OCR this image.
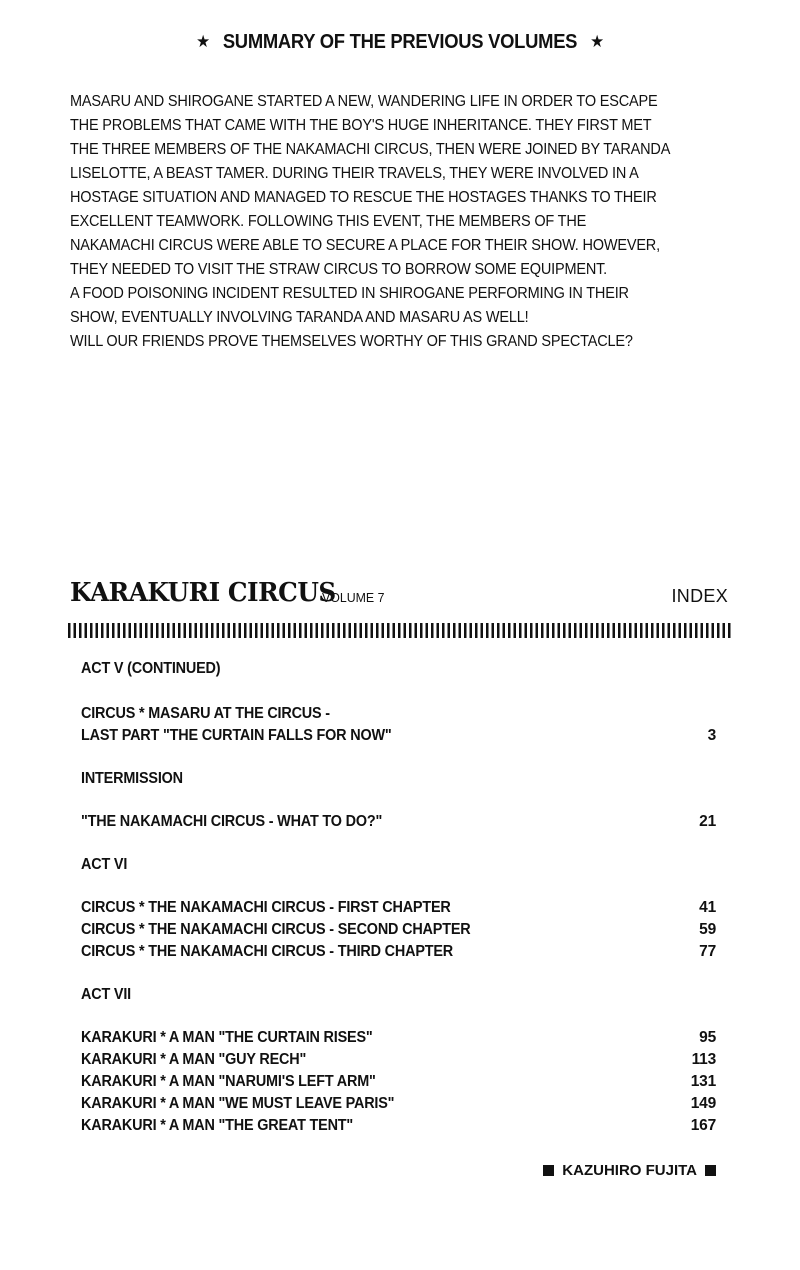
★ SUMMARY OF THE PREVIOUS VOLUMES ★
MASARU AND SHIROGANE STARTED A NEW, WANDERING LIFE IN ORDER TO ESCAPE
THE PROBLEMS THAT CAME WITH THE BOY'S HUGE INHERITANCE. THEY FIRST MET
THE THREE MEMBERS OF THE NAKAMACHI CIRCUS, THEN WERE JOINED BY TARANDA
LISELOTTE, A BEAST TAMER. DURING THEIR TRAVELS, THEY WERE INVOLVED IN A
HOSTAGE SITUATION AND MANAGED TO RESCUE THE HOSTAGES THANKS TO THEIR
EXCELLENT TEAMWORK. FOLLOWING THIS EVENT, THE MEMBERS OF THE
NAKAMACHI CIRCUS WERE ABLE TO SECURE A PLACE FOR THEIR SHOW. HOWEVER,
THEY NEEDED TO VISIT THE STRAW CIRCUS TO BORROW SOME EQUIPMENT.
A FOOD POISONING INCIDENT RESULTED IN SHIROGANE PERFORMING IN THEIR
SHOW, EVENTUALLY INVOLVING TARANDA AND MASARU AS WELL!
WILL OUR FRIENDS PROVE THEMSELVES WORTHY OF THIS GRAND SPECTACLE?
KARAKURI CIRCUS
VOLUME 7	INDEX
ACT V (CONTINUED)
CIRCUS * MASARU AT THE CIRCUS -
LAST PART "THE CURTAIN FALLS FOR NOW"	3
INTERMISSION
"THE NAKAMACHI CIRCUS - WHAT TO DO?"	21
ACT VI
CIRCUS * THE NAKAMACHI CIRCUS - FIRST CHAPTER	41
CIRCUS * THE NAKAMACHI CIRCUS - SECOND CHAPTER	59
CIRCUS * THE NAKAMACHI CIRCUS - THIRD CHAPTER	77
ACT VII
KARAKURI * A MAN "THE CURTAIN RISES"	95
KARAKURI * A MAN "GUY RECH"	113
KARAKURI * A MAN "NARUMI'S LEFT ARM"	131
KARAKURI * A MAN "WE MUST LEAVE PARIS"	149
KARAKURI * A MAN "THE GREAT TENT"	167
KAZUHIRO FUJITA
